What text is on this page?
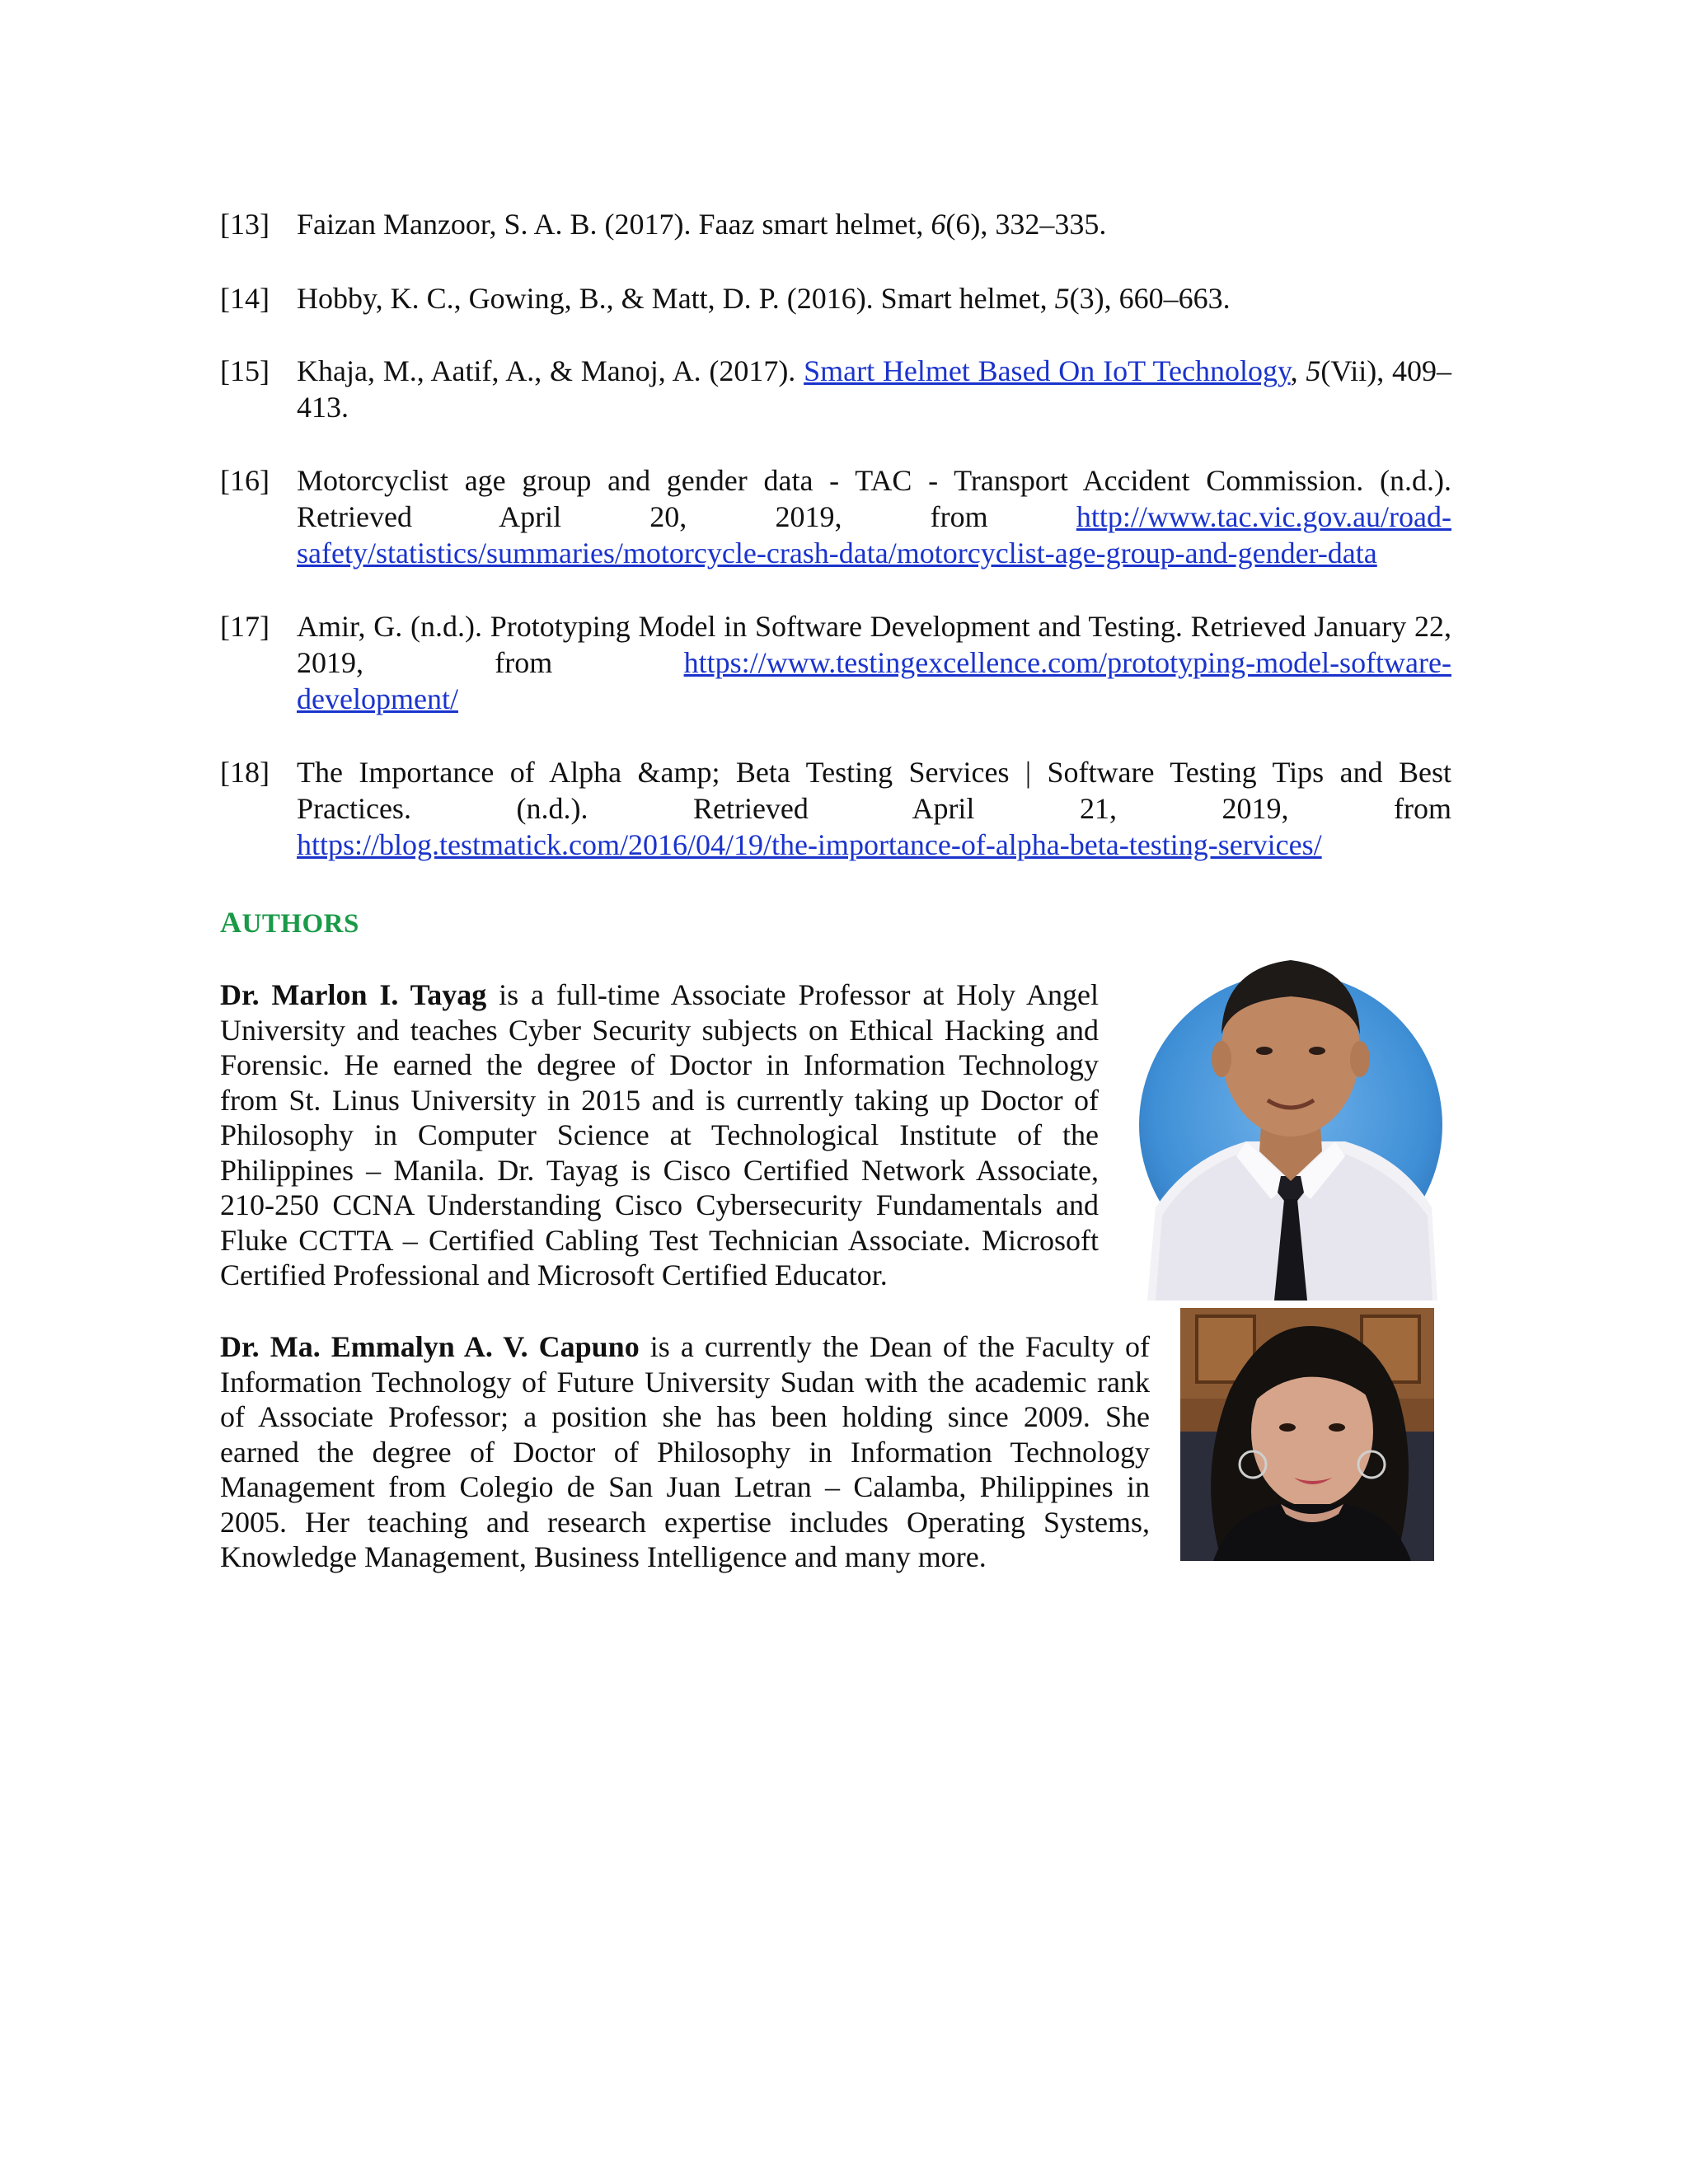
[13] Faizan Manzoor, S. A. B. (2017). Faaz smart helmet, 6(6), 332–335.
[14] Hobby, K. C., Gowing, B., & Matt, D. P. (2016). Smart helmet, 5(3), 660–663.
[15] Khaja, M., Aatif, A., & Manoj, A. (2017). Smart Helmet Based On IoT Technology, 5(Vii), 409–413.
[16] Motorcyclist age group and gender data - TAC - Transport Accident Commission. (n.d.). Retrieved April 20, 2019, from	http://www.tac.vic.gov.au/road-
safety/statistics/summaries/motorcycle-crash-data/motorcyclist-age-group-and-gender-data
[17] Amir, G. (n.d.). Prototyping Model in Software Development and Testing. Retrieved January 22, 2019, from	https://www.testingexcellence.com/prototyping-model-software-
development/
[18] The Importance of Alpha &amp; Beta Testing Services | Software Testing Tips and Best Practices. (n.d.). Retrieved April 21, 2019, from
https://blog.testmatick.com/2016/04/19/the-importance-of-alpha-beta-testing-services/
AUTHORS
Dr. Marlon I. Tayag is a full-time Associate Professor at Holy Angel University and teaches Cyber Security subjects on Ethical Hacking and Forensic. He earned the degree of Doctor in Information Technology from St. Linus University in 2015 and is currently taking up Doctor of Philosophy in Computer Science at Technological Institute of the Philippines – Manila. Dr. Tayag is Cisco Certified Network Associate, 210-250 CCNA Understanding Cisco Cybersecurity Fundamentals and Fluke CCTTA – Certified Cabling Test Technician Associate. Microsoft Certified Professional and Microsoft Certified Educator.
Dr. Ma. Emmalyn A. V. Capuno is a currently the Dean of the Faculty of Information Technology of Future University Sudan with the academic rank of Associate Professor; a position she has been holding since 2009. She earned the degree of Doctor of Philosophy in Information Technology Management from Colegio de San Juan Letran – Calamba, Philippines in 2005. Her teaching and research expertise includes Operating Systems, Knowledge Management, Business Intelligence and many more.
